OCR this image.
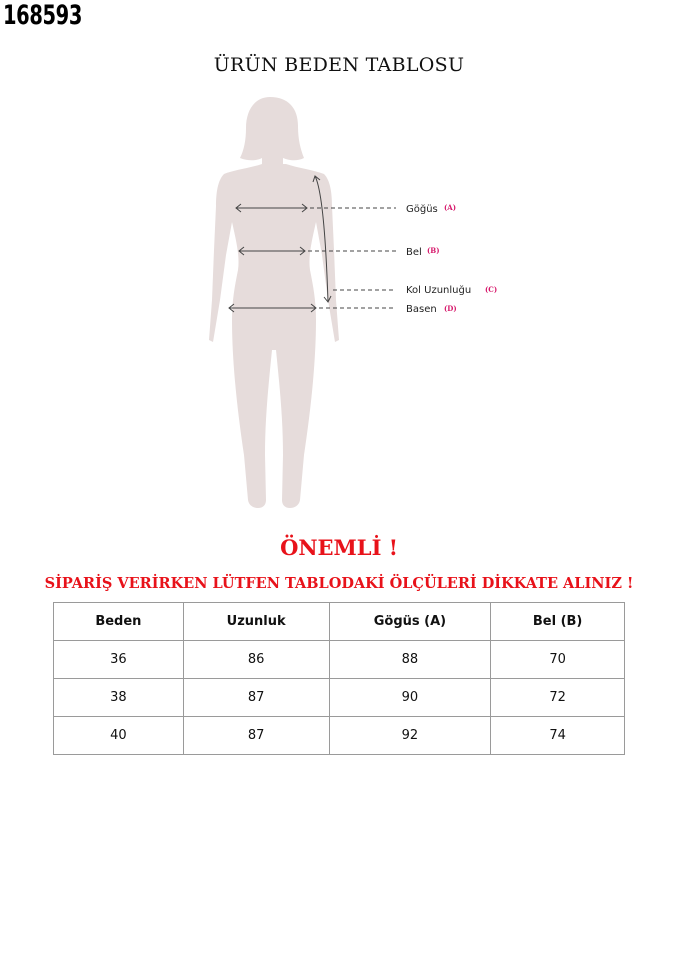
168593
ÜRÜN BEDEN TABLOSU
Göğüs (A)
Bel (B)
Kol Uzunluğu (C)
Basen (D)
ÖNEMLİ !
SİPARİŞ VERİRKEN LÜTFEN TABLODAKİ ÖLÇÜLERİ DİKKATE ALINIZ !
Beden	Uzunluk	Gögüs (A)	Bel (B)
36	86	88	70
38	87	90	72
40	87	92	74
